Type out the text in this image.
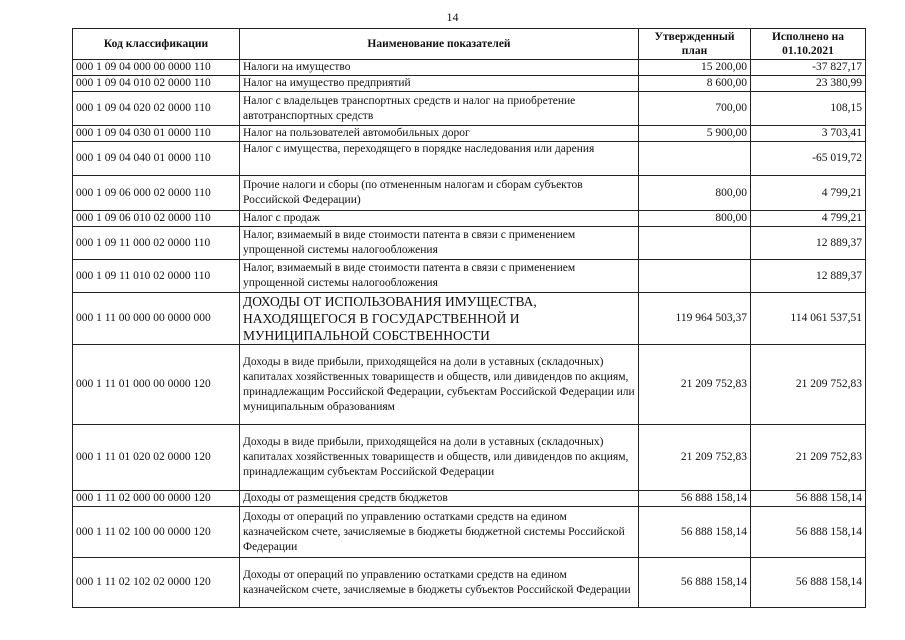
14
Код классификации	Наименование показателей	Утвержденный план	Исполнено на 01.10.2021
000 1 09 04 000 00 0000 110	Налоги на имущество	15 200,00	-37 827,17
000 1 09 04 010 02 0000 110	Налог на имущество предприятий	8 600,00	23 380,99
000 1 09 04 020 02 0000 110	Налог с владельцев транспортных средств и налог на приобретение автотранспортных средств	700,00	108,15
000 1 09 04 030 01 0000 110	Налог на пользователей автомобильных дорог	5 900,00	3 703,41
000 1 09 04 040 01 0000 110	Налог с имущества, переходящего в порядке наследования или дарения		-65 019,72
000 1 09 06 000 02 0000 110	Прочие налоги и сборы (по отмененным налогам и сборам субъектов Российской Федерации)	800,00	4 799,21
000 1 09 06 010 02 0000 110	Налог с продаж	800,00	4 799,21
000 1 09 11 000 02 0000 110	Налог, взимаемый в виде стоимости патента в связи с применением упрощенной системы налогообложения		12 889,37
000 1 09 11 010 02 0000 110	Налог, взимаемый в виде стоимости патента в связи с применением упрощенной системы налогообложения		12 889,37
000 1 11 00 000 00 0000 000	ДОХОДЫ ОТ ИСПОЛЬЗОВАНИЯ ИМУЩЕСТВА, НАХОДЯЩЕГОСЯ В ГОСУДАРСТВЕННОЙ И МУНИЦИПАЛЬНОЙ СОБСТВЕННОСТИ	119 964 503,37	114 061 537,51
000 1 11 01 000 00 0000 120	Доходы в виде прибыли, приходящейся на доли в уставных (складочных) капиталах хозяйственных товариществ и обществ, или дивидендов по акциям, принадлежащим Российской Федерации, субъектам Российской Федерации или муниципальным образованиям	21 209 752,83	21 209 752,83
000 1 11 01 020 02 0000 120	Доходы в виде прибыли, приходящейся на доли в уставных (складочных) капиталах хозяйственных товариществ и обществ, или дивидендов по акциям, принадлежащим субъектам Российской Федерации	21 209 752,83	21 209 752,83
000 1 11 02 000 00 0000 120	Доходы от размещения средств бюджетов	56 888 158,14	56 888 158,14
000 1 11 02 100 00 0000 120	Доходы от операций по управлению остатками средств на едином казначейском счете, зачисляемые в бюджеты бюджетной системы Российской Федерации	56 888 158,14	56 888 158,14
000 1 11 02 102 02 0000 120	Доходы от операций по управлению остатками средств на едином казначейском счете, зачисляемые в бюджеты субъектов Российской Федерации	56 888 158,14	56 888 158,14
